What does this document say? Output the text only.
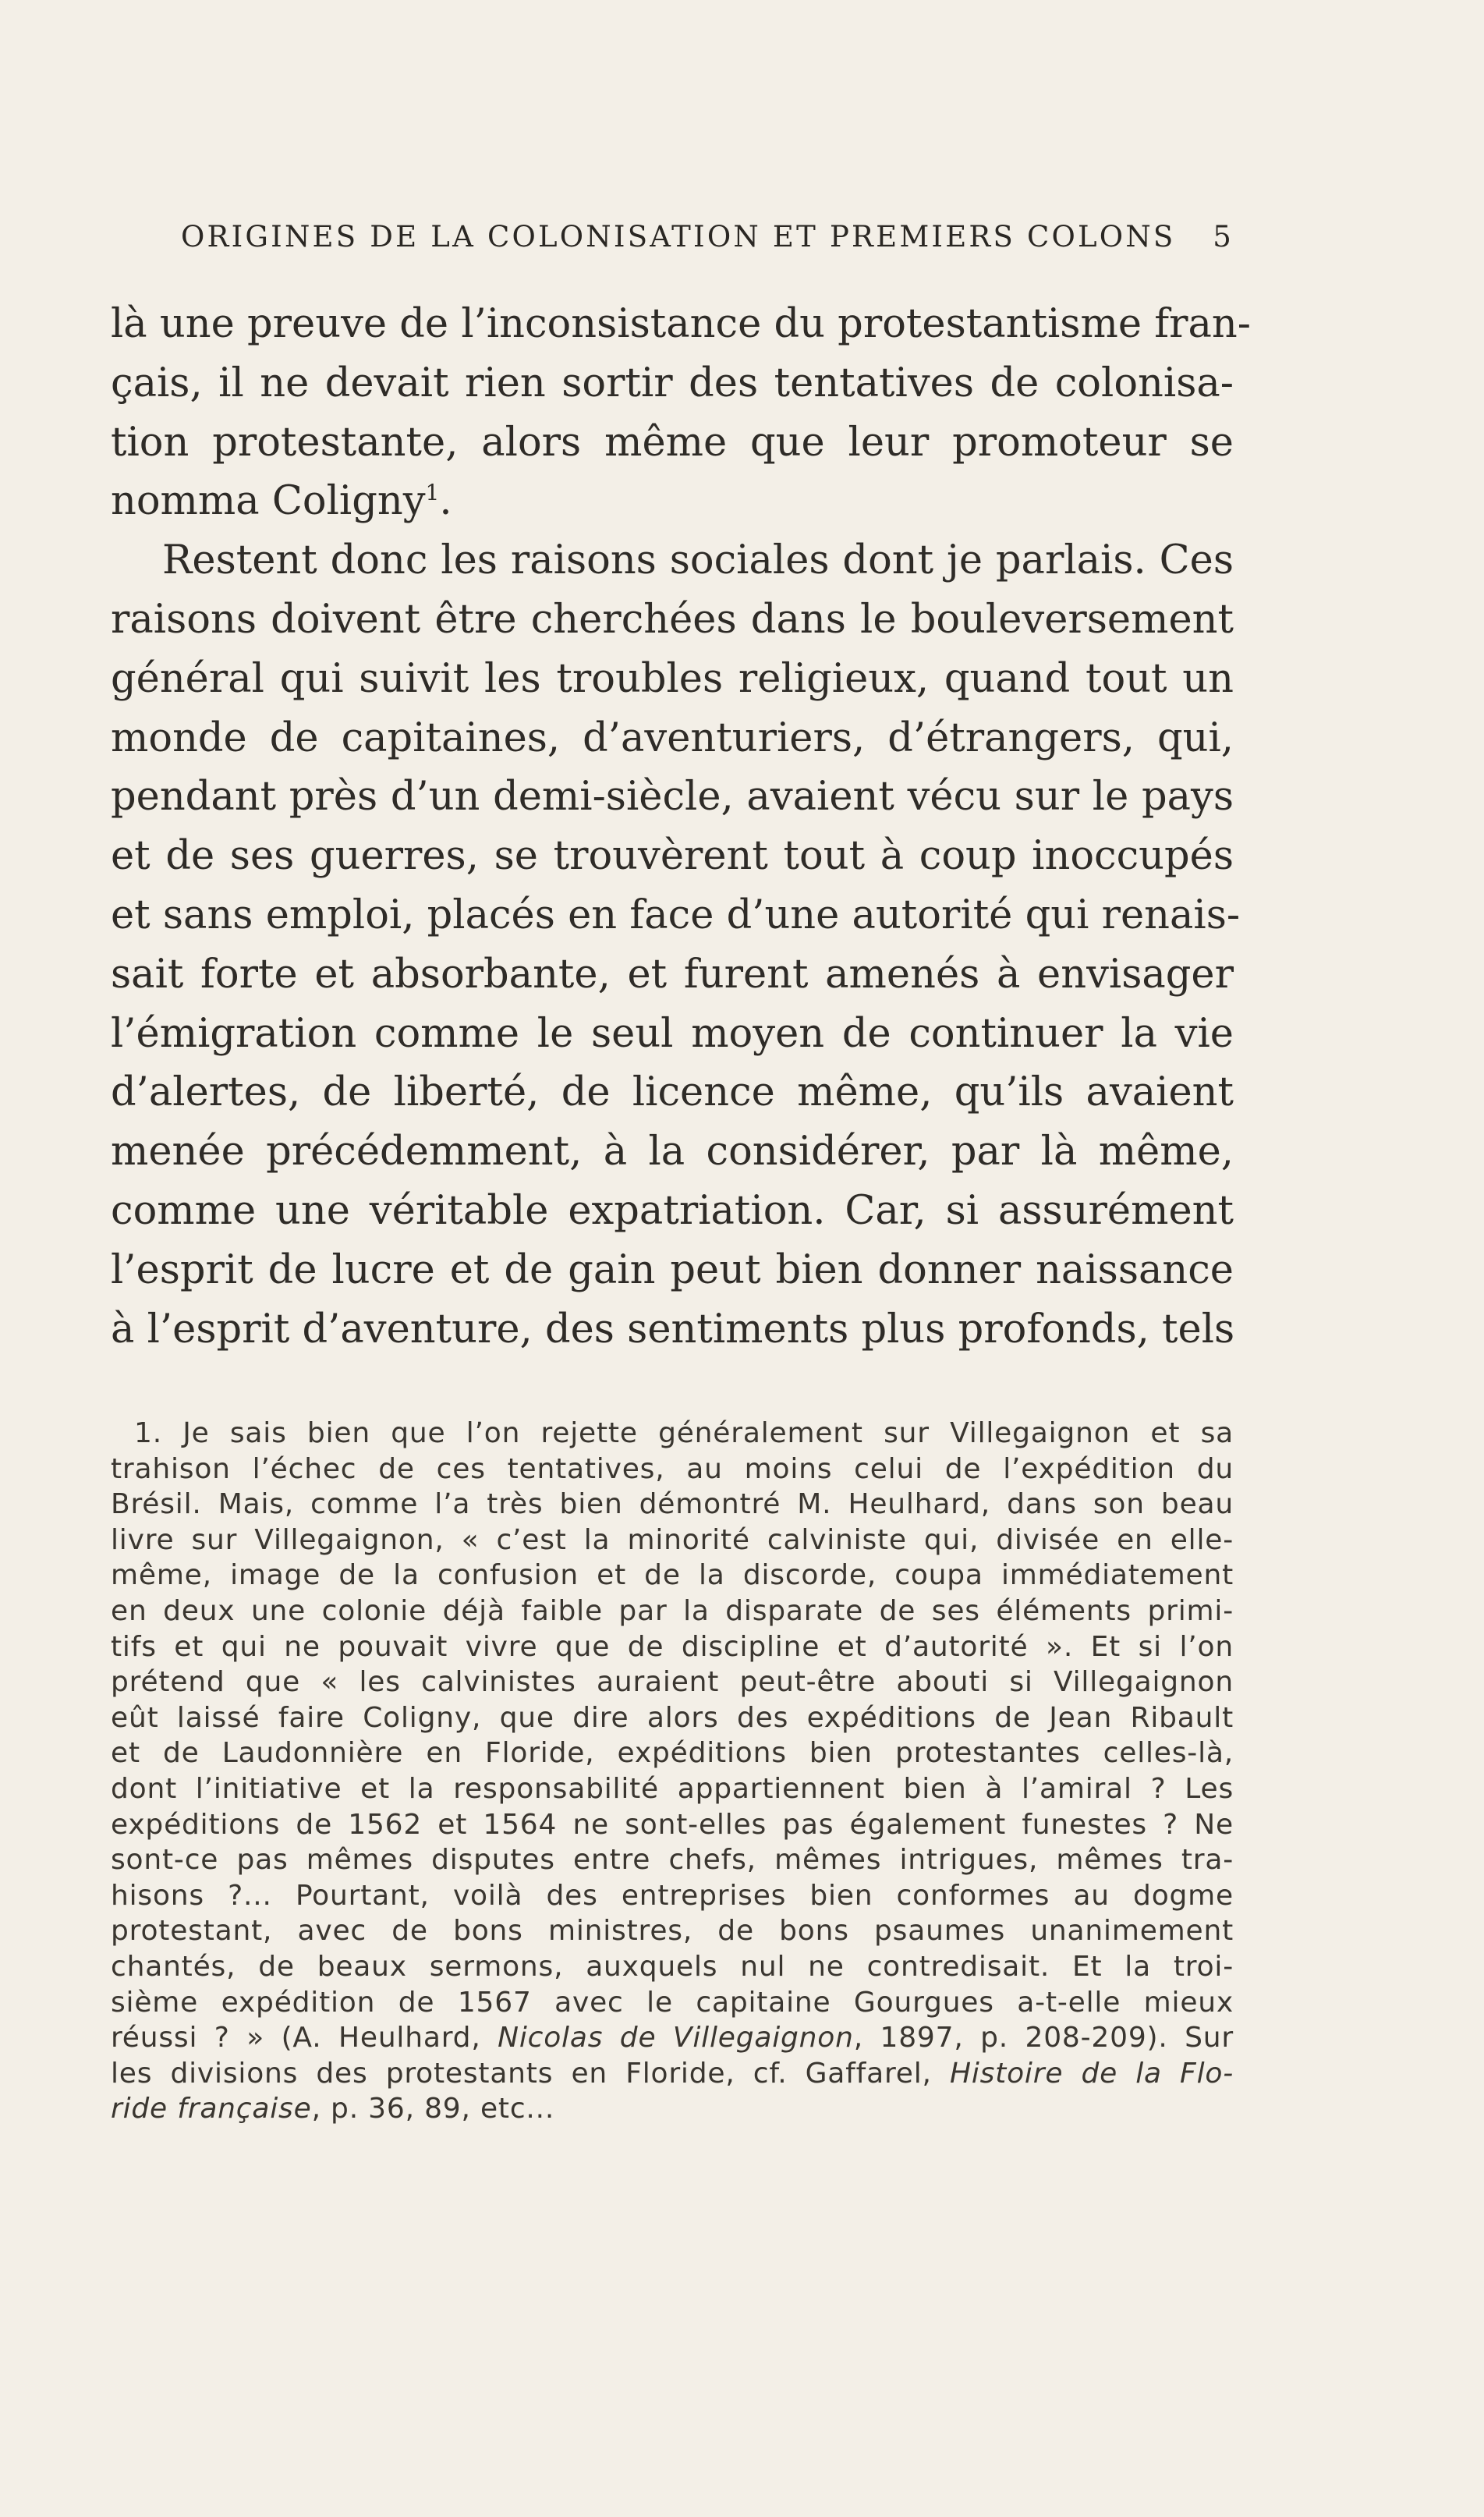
ORIGINES DE LA COLONISATION ET PREMIERS COLONS 5
là une preuve de l’inconsistance du protestantisme fran-
çais, il ne devait rien sortir des tentatives de colonisa-
tion protestante, alors même que leur promoteur se
nomma Coligny$^1$.
Restent donc les raisons sociales dont je parlais. Ces
raisons doivent être cherchées dans le bouleversement
général qui suivit les troubles religieux, quand tout un
monde de capitaines, d’aventuriers, d’étrangers, qui,
pendant près d’un demi-siècle, avaient vécu sur le pays
et de ses guerres, se trouvèrent tout à coup inoccupés
et sans emploi, placés en face d’une autorité qui renais-
sait forte et absorbante, et furent amenés à envisager
l’émigration comme le seul moyen de continuer la vie
d’alertes, de liberté, de licence même, qu’ils avaient
menée précédemment, à la considérer, par là même,
comme une véritable expatriation. Car, si assurément
l’esprit de lucre et de gain peut bien donner naissance
à l’esprit d’aventure, des sentiments plus profonds, tels
1. Je sais bien que l’on rejette généralement sur Villegaignon et sa
trahison l’échec de ces tentatives, au moins celui de l’expédition du
Brésil. Mais, comme l’a très bien démontré M. Heulhard, dans son beau
livre sur Villegaignon, « c’est la minorité calviniste qui, divisée en elle-
même, image de la confusion et de la discorde, coupa immédiatement
en deux une colonie déjà faible par la disparate de ses éléments primi-
tifs et qui ne pouvait vivre que de discipline et d’autorité ». Et si l’on
prétend que « les calvinistes auraient peut-être abouti si Villegaignon
eût laissé faire Coligny, que dire alors des expéditions de Jean Ribault
et de Laudonnière en Floride, expéditions bien protestantes celles-là,
dont l’initiative et la responsabilité appartiennent bien à l’amiral ? Les
expéditions de 1562 et 1564 ne sont-elles pas également funestes ? Ne
sont-ce pas mêmes disputes entre chefs, mêmes intrigues, mêmes tra-
hisons ?... Pourtant, voilà des entreprises bien conformes au dogme
protestant, avec de bons ministres, de bons psaumes unanimement
chantés, de beaux sermons, auxquels nul ne contredisait. Et la troi-
sième expédition de 1567 avec le capitaine Gourgues a-t-elle mieux
réussi ? » (A. Heulhard, Nicolas de Villegaignon, 1897, p. 208-209). Sur
les divisions des protestants en Floride, cf. Gaffarel, Histoire de la Flo-
ride française, p. 36, 89, etc...
